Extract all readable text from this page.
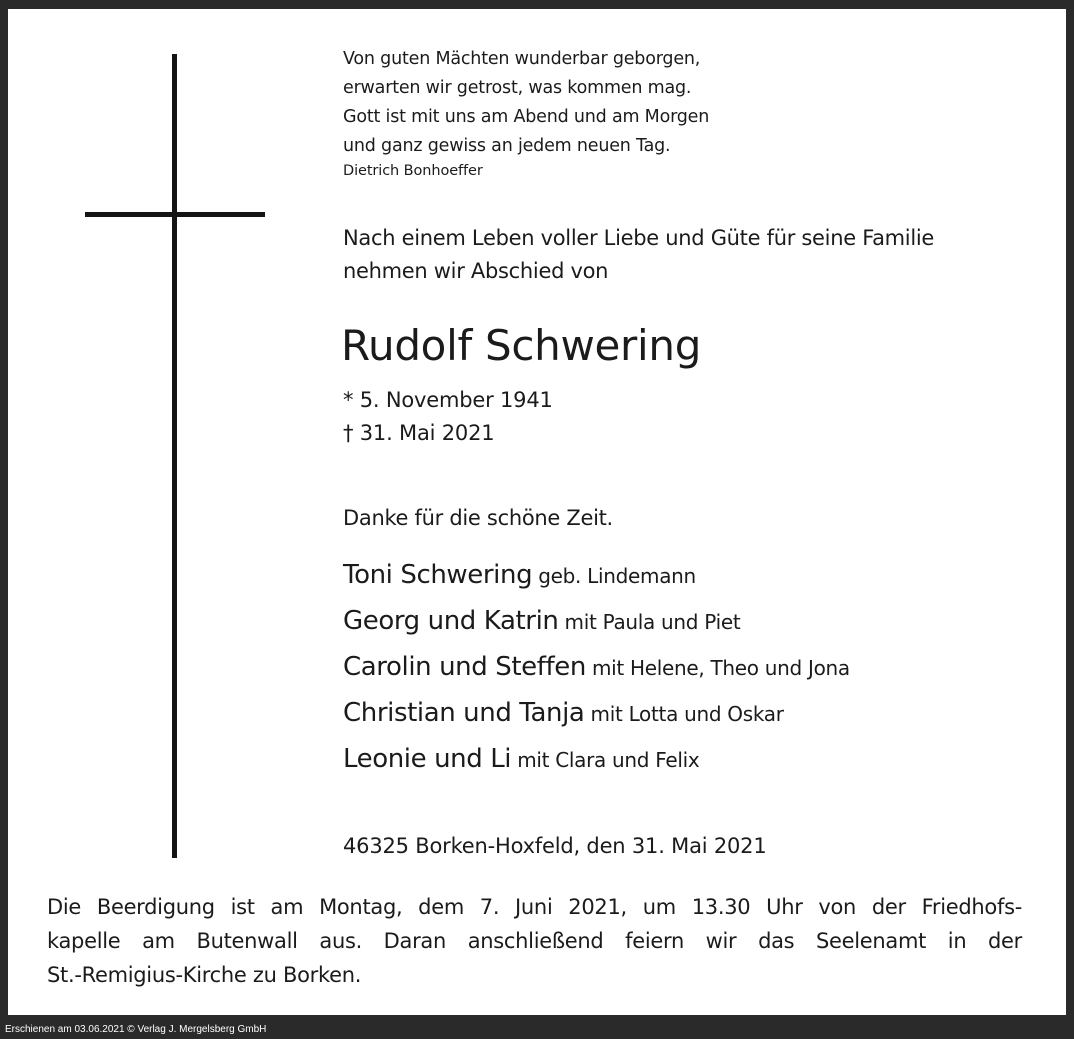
Von guten Mächten wunderbar geborgen,
erwarten wir getrost, was kommen mag.
Gott ist mit uns am Abend und am Morgen
und ganz gewiss an jedem neuen Tag.
Dietrich Bonhoeffer
Nach einem Leben voller Liebe und Güte für seine Familie
nehmen wir Abschied von
Rudolf Schwering
* 5. November 1941
† 31. Mai 2021
Danke für die schöne Zeit.
Toni Schwering geb. Lindemann
Georg und Katrin mit Paula und Piet
Carolin und Steffen mit Helene, Theo und Jona
Christian und Tanja mit Lotta und Oskar
Leonie und Li mit Clara und Felix
46325 Borken-Hoxfeld, den 31. Mai 2021
Die Beerdigung ist am Montag, dem 7. Juni 2021, um 13.30 Uhr von der Friedhofs-
kapelle am Butenwall aus. Daran anschließend feiern wir das Seelenamt in der
St.-Remigius-Kirche zu Borken.
Erschienen am 03.06.2021 © Verlag J. Mergelsberg GmbH
